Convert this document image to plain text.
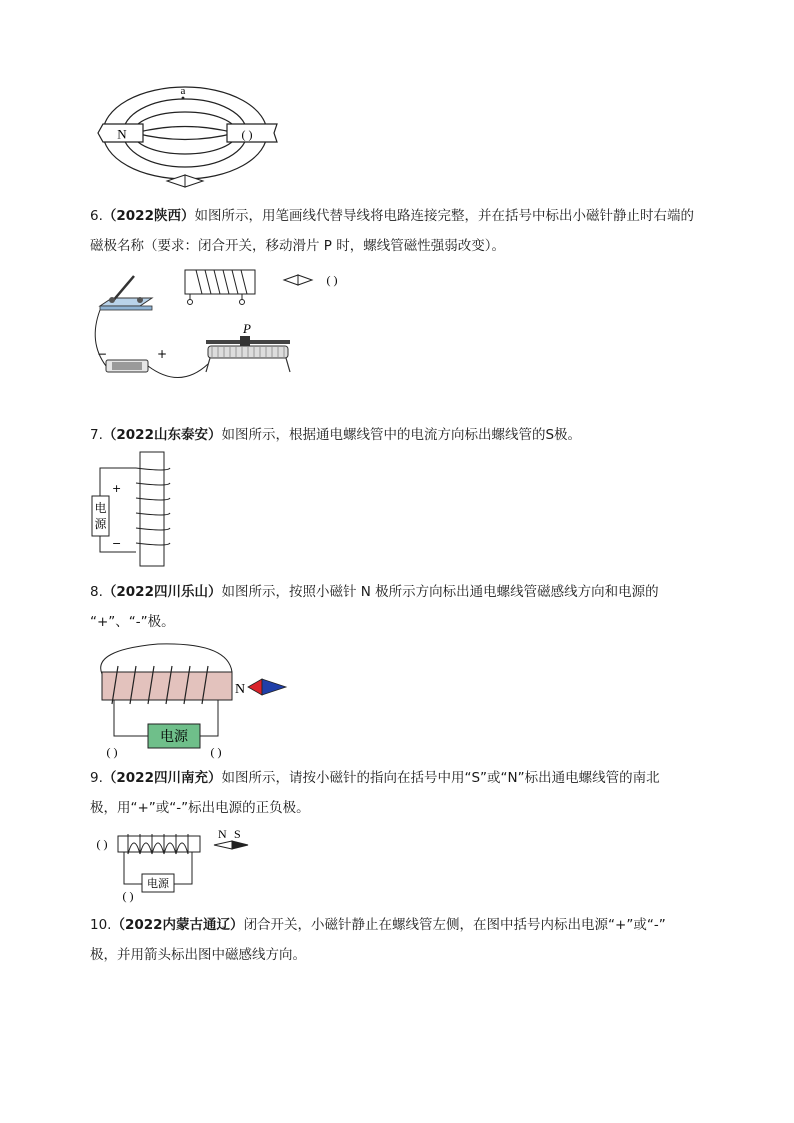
N	( )
a
6.（2022陕西）如图所示，用笔画线代替导线将电路连接完整，并在括号中标出小磁针静止时右端的
磁极名称（要求：闭合开关，移动滑片 P 时，螺线管磁性强弱改变）。
( )
−	+
P
7.（2022山东泰安）如图所示，根据通电螺线管中的电流方向标出螺线管的S极。
电
源
+
−
8.（2022四川乐山）如图所示，按照小磁针 N 极所示方向标出通电螺线管磁感线方向和电源的
“+”、“-”极。
电源
N
( )	( )
9.（2022四川南充）如图所示，请按小磁针的指向在括号中用“S”或“N”标出通电螺线管的南北
极，用“+”或“-”标出电源的正负极。
( )
电源
( )
N S
10.（2022内蒙古通辽）闭合开关，小磁针静止在螺线管左侧，在图中括号内标出电源“+”或“-”
极，并用箭头标出图中磁感线方向。
